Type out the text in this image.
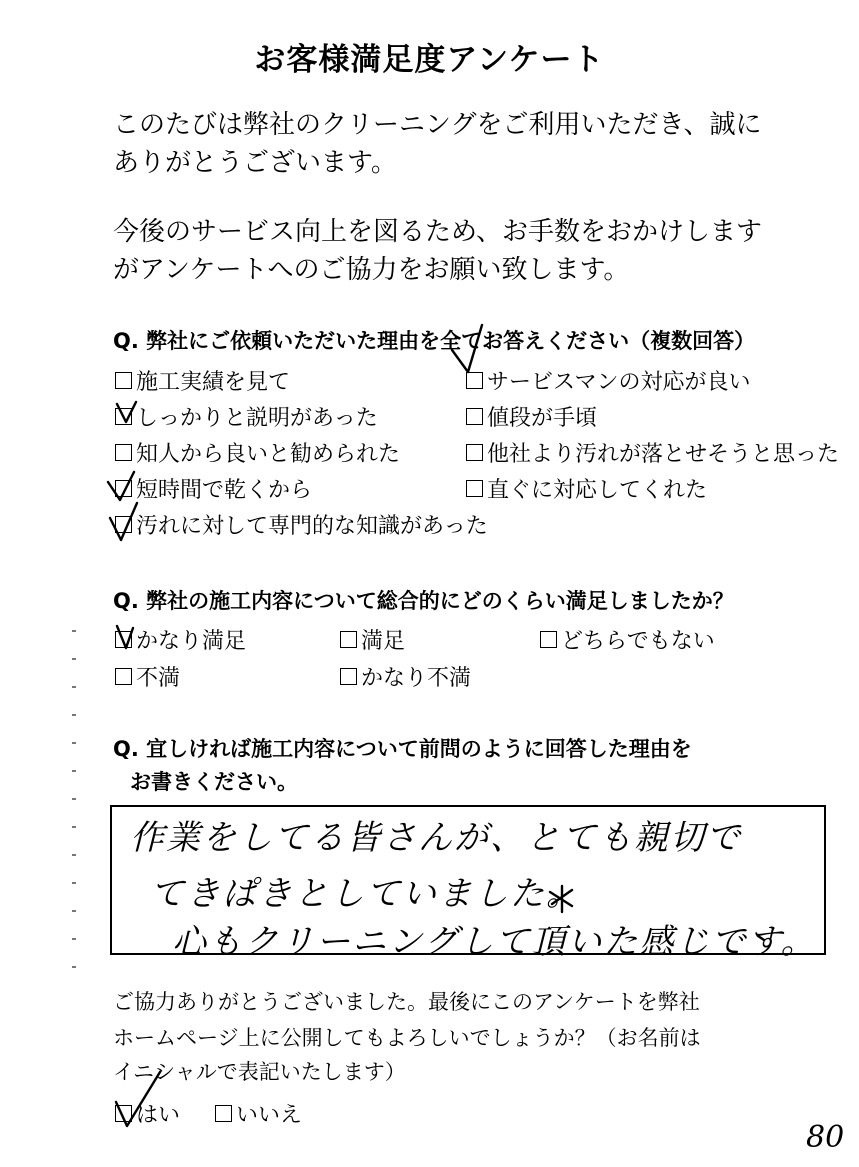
お客様満足度アンケート
このたびは弊社のクリーニングをご利用いただき、誠に
ありがとうございます。
今後のサービス向上を図るため、お手数をおかけします
がアンケートへのご協力をお願い致します。
Q. 弊社にご依頼いただいた理由を全てお答えください（複数回答）
施工実績を見て	サービスマンの対応が良い
しっかりと説明があった	値段が手頃
知人から良いと勧められた	他社より汚れが落とせそうと思った
短時間で乾くから	直ぐに対応してくれた
汚れに対して専門的な知識があった
Q. 弊社の施工内容について総合的にどのくらい満足しましたか？
かなり満足	満足	どちらでもない
不満	かなり不満
Q. 宜しければ施工内容について前問のように回答した理由を
お書きください。
作業をしてる皆さんが、とても親切で
てきぱきとしていました。
心もクリーニングして頂いた感じです。
ご協力ありがとうございました。最後にこのアンケートを弊社
ホームページ上に公開してもよろしいでしょうか？（お名前は
イニシャルで表記いたします）
はい	いいえ
80
